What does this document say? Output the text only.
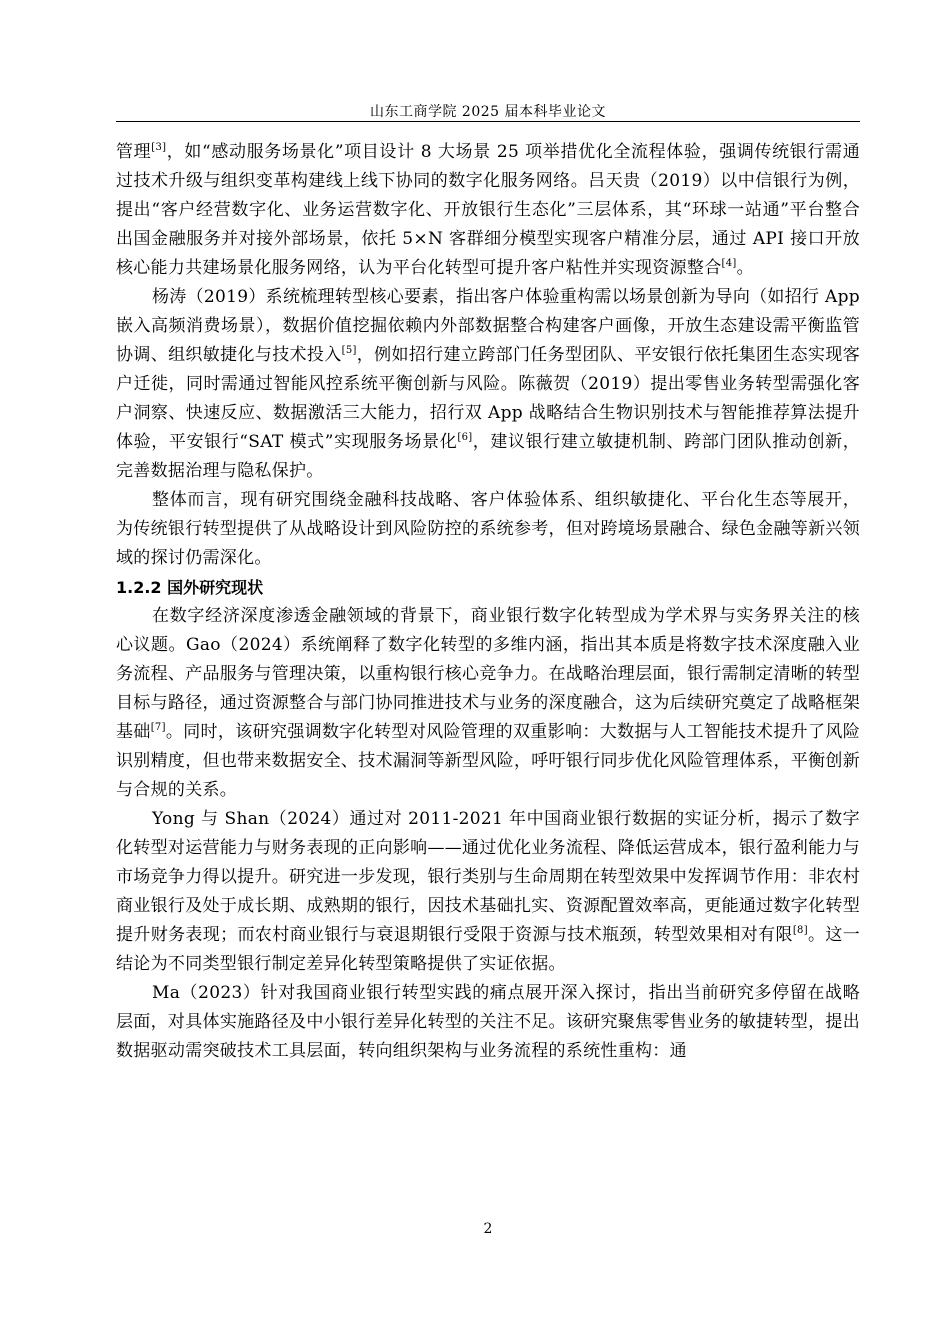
山东工商学院 2025 届本科毕业论文

管理[3]，如“感动服务场景化”项目设计 8 大场景 25 项举措优化全流程体验，强调传统银行需通过技术升级与组织变革构建线上线下协同的数字化服务网络。吕天贵（2019）以中信银行为例，提出“客户经营数字化、业务运营数字化、开放银行生态化”三层体系，其“环球一站通”平台整合出国金融服务并对接外部场景，依托 5×N 客群细分模型实现客户精准分层，通过 API 接口开放核心能力共建场景化服务网络，认为平台化转型可提升客户粘性并实现资源整合[4]。

杨涛（2019）系统梳理转型核心要素，指出客户体验重构需以场景创新为导向（如招行 App 嵌入高频消费场景），数据价值挖掘依赖内外部数据整合构建客户画像，开放生态建设需平衡监管协调、组织敏捷化与技术投入[5]，例如招行建立跨部门任务型团队、平安银行依托集团生态实现客户迁徙，同时需通过智能风控系统平衡创新与风险。陈薇贺（2019）提出零售业务转型需强化客户洞察、快速反应、数据激活三大能力，招行双 App 战略结合生物识别技术与智能推荐算法提升体验，平安银行“SAT 模式”实现服务场景化[6]，建议银行建立敏捷机制、跨部门团队推动创新，完善数据治理与隐私保护。

整体而言，现有研究围绕金融科技战略、客户体验体系、组织敏捷化、平台化生态等展开，为传统银行转型提供了从战略设计到风险防控的系统参考，但对跨境场景融合、绿色金融等新兴领域的探讨仍需深化。

1.2.2 国外研究现状

在数字经济深度渗透金融领域的背景下，商业银行数字化转型成为学术界与实务界关注的核心议题。Gao（2024）系统阐释了数字化转型的多维内涵，指出其本质是将数字技术深度融入业务流程、产品服务与管理决策，以重构银行核心竞争力。在战略治理层面，银行需制定清晰的转型目标与路径，通过资源整合与部门协同推进技术与业务的深度融合，这为后续研究奠定了战略框架基础[7]。同时，该研究强调数字化转型对风险管理的双重影响：大数据与人工智能技术提升了风险识别精度，但也带来数据安全、技术漏洞等新型风险，呼吁银行同步优化风险管理体系，平衡创新与合规的关系。

Yong 与 Shan（2024）通过对 2011-2021 年中国商业银行数据的实证分析，揭示了数字化转型对运营能力与财务表现的正向影响——通过优化业务流程、降低运营成本，银行盈利能力与市场竞争力得以提升。研究进一步发现，银行类别与生命周期在转型效果中发挥调节作用：非农村商业银行及处于成长期、成熟期的银行，因技术基础扎实、资源配置效率高，更能通过数字化转型提升财务表现；而农村商业银行与衰退期银行受限于资源与技术瓶颈，转型效果相对有限[8]。这一结论为不同类型银行制定差异化转型策略提供了实证依据。

Ma（2023）针对我国商业银行转型实践的痛点展开深入探讨，指出当前研究多停留在战略层面，对具体实施路径及中小银行差异化转型的关注不足。该研究聚焦零售业务的敏捷转型，提出数据驱动需突破技术工具层面，转向组织架构与业务流程的系统性重构：通

2
